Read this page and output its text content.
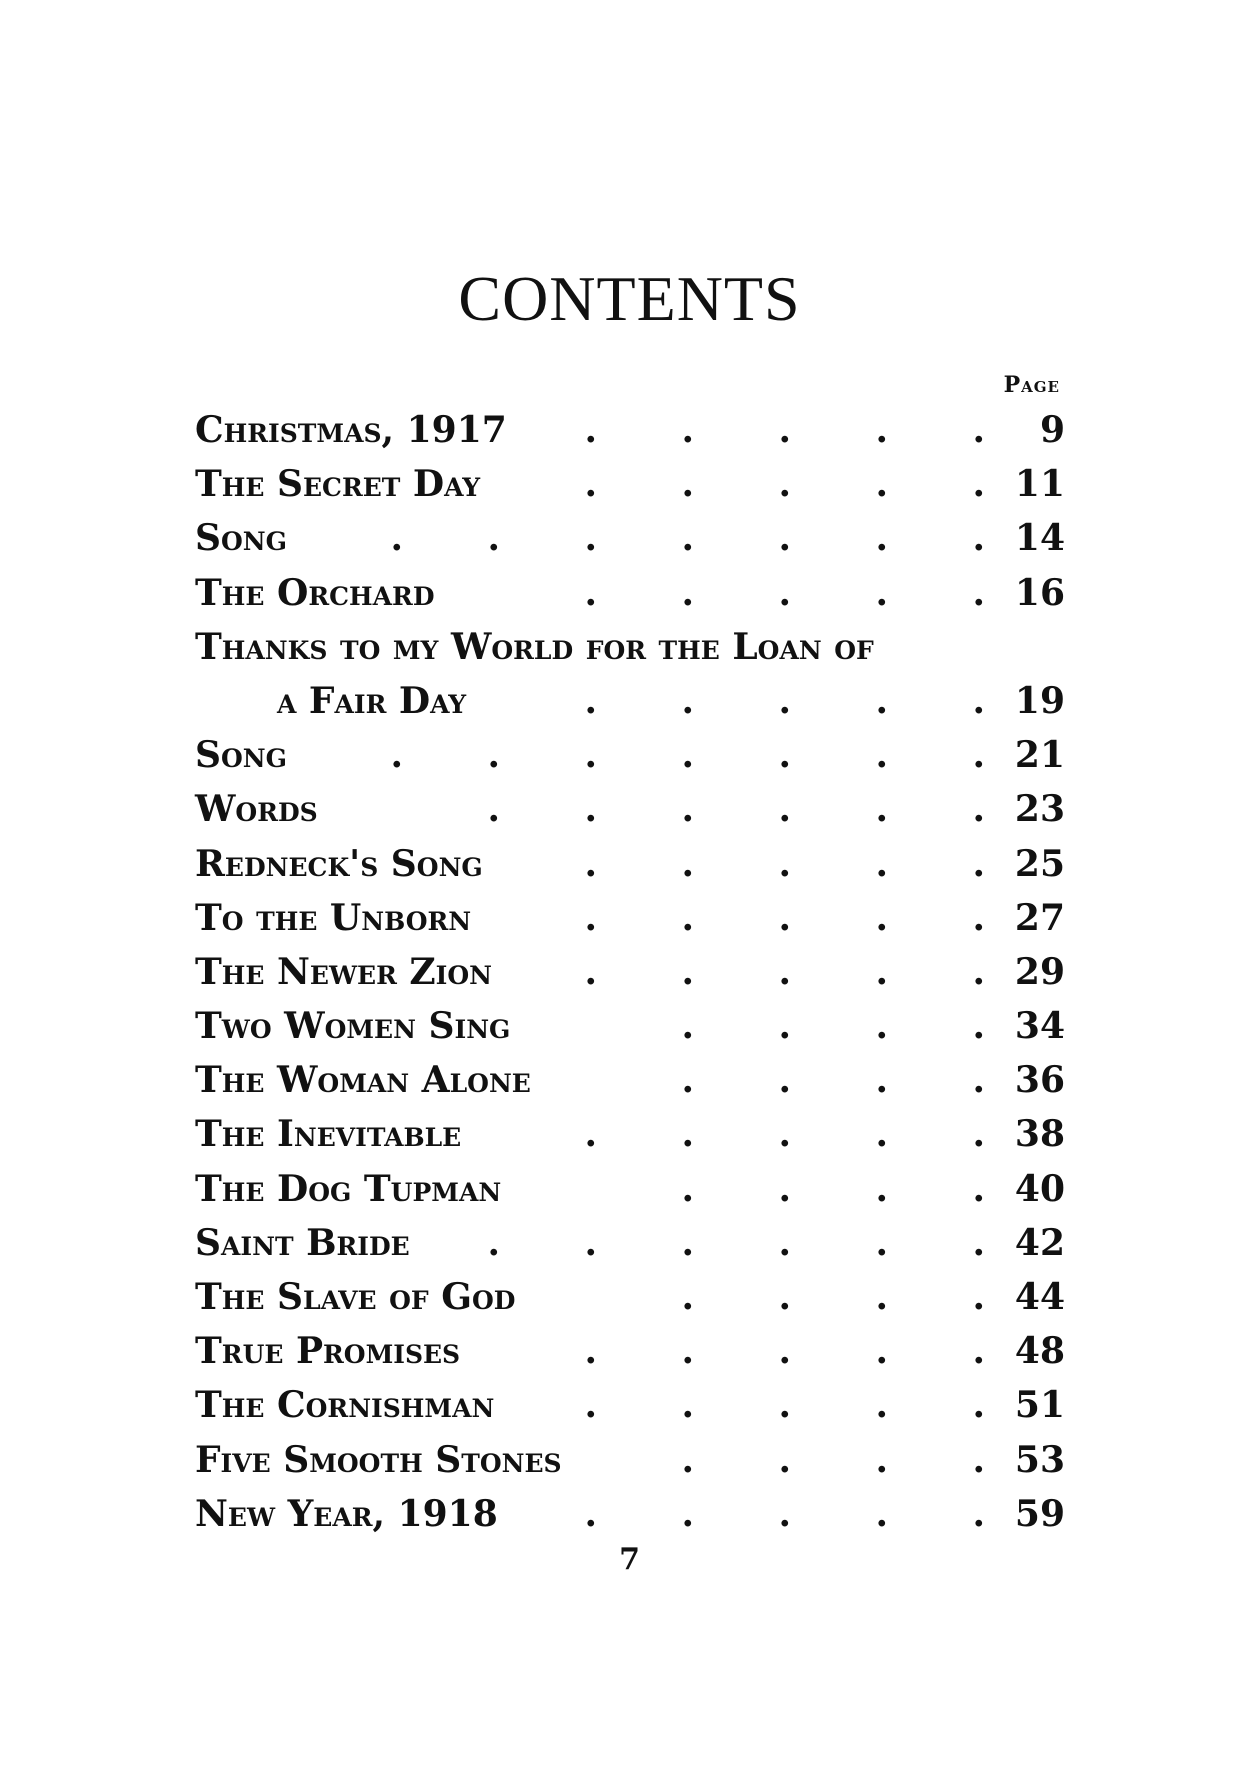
CONTENTS
Page
. . . . .
Christmas, 1917	9
. . . . .
The Secret Day	11
. . . . . . .
Song	14
. . . . .
The Orchard	16
Thanks to my World for the Loan of
. . . . .
a Fair Day	19
. . . . . . .
Song	21
. . . . . .
Words	23
. . . . .
Redneck's Song	25
. . . . .
To the Unborn	27
. . . . .
The Newer Zion	29
. . . .
Two Women Sing	34
. . . .
The Woman Alone	36
. . . . .
The Inevitable	38
. . . .
The Dog Tupman	40
. . . . . .
Saint Bride	42
. . . .
The Slave of God	44
. . . . .
True Promises	48
. . . . .
The Cornishman	51
. . . .
Five Smooth Stones	53
. . . . .
New Year, 1918	59
7
